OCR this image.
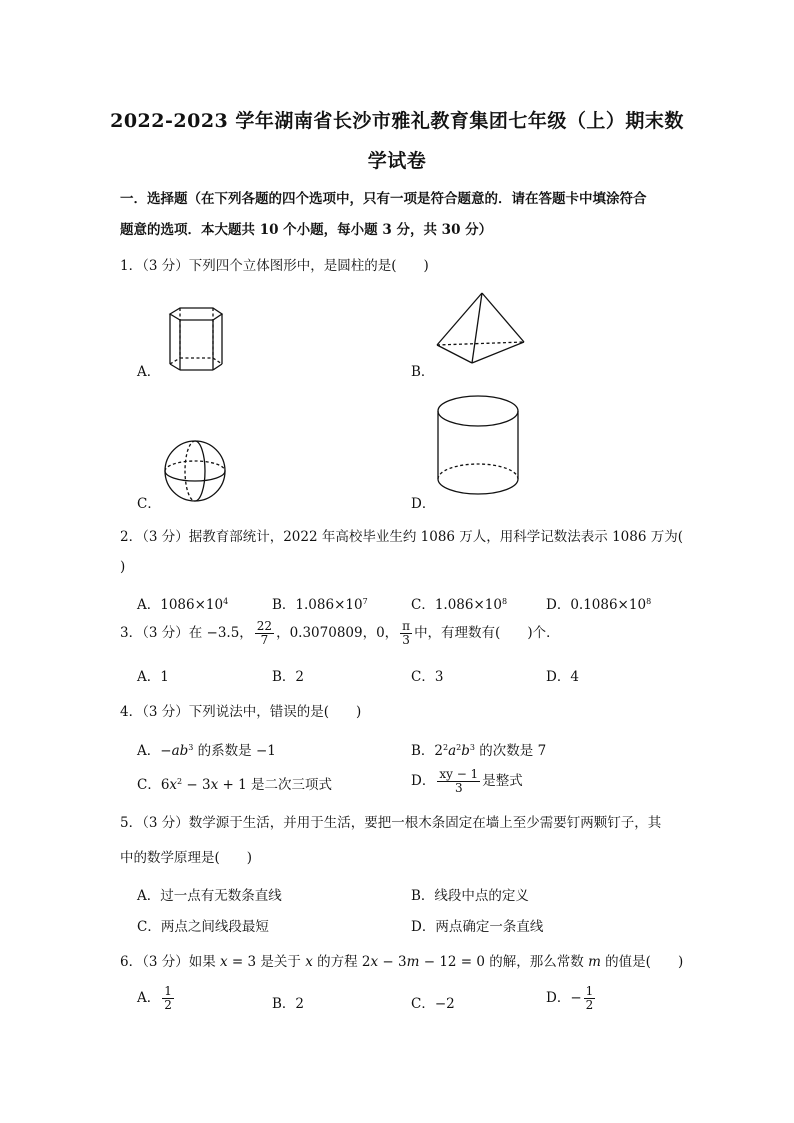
2022-2023 学年湖南省长沙市雅礼教育集团七年级（上）期末数
学试卷
一．选择题（在下列各题的四个选项中，只有一项是符合题意的．请在答题卡中填涂符合
题意的选项．本大题共 10 个小题，每小题 3 分，共 30 分）
1．（3 分）下列四个立体图形中，是圆柱的是(　　)
A．	B．
C．	D．
2．（3 分）据教育部统计，2022 年高校毕业生约 1086 万人，用科学记数法表示 1086 万为(
)
A．$1086\times 10^4$	B．$1.086\times 10^7$	C．$1.086\times 10^8$	D．$0.1086\times 10^8$
3．（3 分）在 −3.5， $\frac{22}{7}$ ，0.3070809，0， $\frac{\pi}{3}$ 中，有理数有(　　)个．
A．1	B．2	C．3	D．4
4．（3 分）下列说法中，错误的是(　　)
A．$-ab^3$ 的系数是 −1	B．$2^2a^2b^3$ 的次数是 7
C．$6x^2 - 3x + 1$ 是二次三项式	D． $\frac{xy - 1}{3}$ 是整式
5．（3 分）数学源于生活，并用于生活，要把一根木条固定在墙上至少需要钉两颗钉子，其
中的数学原理是(　　)
A．过一点有无数条直线	B．线段中点的定义
C．两点之间线段最短	D．两点确定一条直线
6．（3 分）如果 x = 3 是关于 x 的方程 2x − 3m − 12 = 0 的解，那么常数 m 的值是(　　)
A． $\frac{1}{2}$	B．2	C．−2	D．− $\frac{1}{2}$
